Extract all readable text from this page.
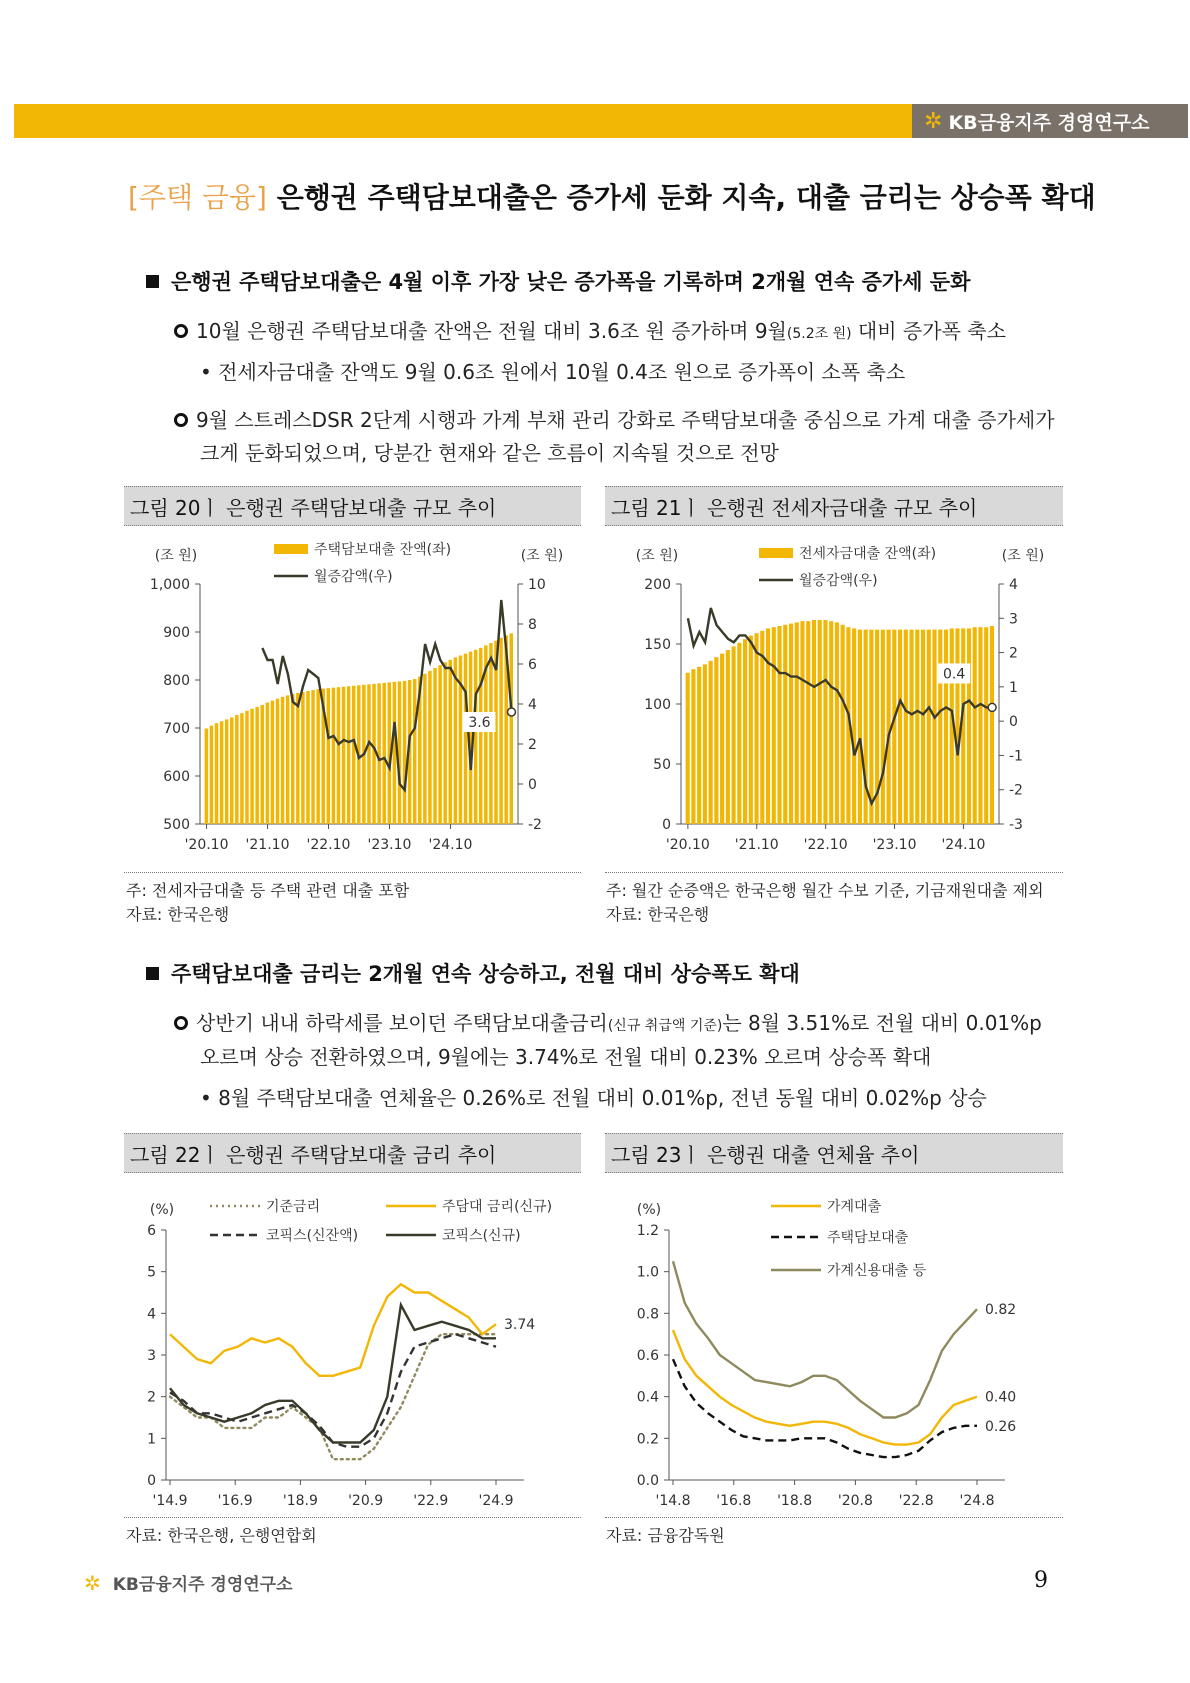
✲ KB금융지주 경영연구소
[주택 금융] 은행권 주택담보대출은 증가세 둔화 지속, 대출 금리는 상승폭 확대
은행권 주택담보대출은 4월 이후 가장 낮은 증가폭을 기록하며 2개월 연속 증가세 둔화
10월 은행권 주택담보대출 잔액은 전월 대비 3.6조 원 증가하며 9월(5.2조 원) 대비 증가폭 축소
• 전세자금대출 잔액도 9월 0.6조 원에서 10월 0.4조 원으로 증가폭이 소폭 축소
9월 스트레스DSR 2단계 시행과 가계 부채 관리 강화로 주택담보대출 중심으로 가계 대출 증가세가
크게 둔화되었으며, 당분간 현재와 같은 흐름이 지속될 것으로 전망
그림 20ㅣ 은행권 주택담보대출 규모 추이	그림 21ㅣ 은행권 전세자금대출 규모 추이
500
600
700
800
900
1,000
-2
0
2
4
6
8
10
(조 원)	(조 원)
'20.10 '21.10 '22.10 '23.10 '24.10
3.6
주택담보대출 잔액(좌)
월증감액(우)
0
50
100
150
200
-3
-2
-1
0
1
2
3
4
(조 원)	(조 원)
'20.10 '21.10 '22.10 '23.10 '24.10
0.4
전세자금대출 잔액(좌)
월증감액(우)
주: 전세자금대출 등 주택 관련 대출 포함
자료: 한국은행
주: 월간 순증액은 한국은행 월간 수보 기준, 기금재원대출 제외
자료: 한국은행
주택담보대출 금리는 2개월 연속 상승하고, 전월 대비 상승폭도 확대
상반기 내내 하락세를 보이던 주택담보대출금리(신규 취급액 기준)는 8월 3.51%로 전월 대비 0.01%p
오르며 상승 전환하였으며, 9월에는 3.74%로 전월 대비 0.23% 오르며 상승폭 확대
• 8월 주택담보대출 연체율은 0.26%로 전월 대비 0.01%p, 전년 동월 대비 0.02%p 상승
그림 22ㅣ 은행권 주택담보대출 금리 추이	그림 23ㅣ 은행권 대출 연체율 추이
0
1
2
3
4
5
6
(%)
'14.9 '16.9 '18.9 '20.9 '22.9 '24.9
3.74
기준금리	주담대 금리(신규)
코픽스(신잔액)	코픽스(신규)
0.0
0.2
0.4
0.6
0.8
1.0
1.2
(%)
'14.8 '16.8 '18.8 '20.8 '22.8 '24.8
0.40
0.26
0.82
가계대출
주택담보대출
가계신용대출 등
자료: 한국은행, 은행연합회	자료: 금융감독원
✲ KB금융지주 경영연구소	9
